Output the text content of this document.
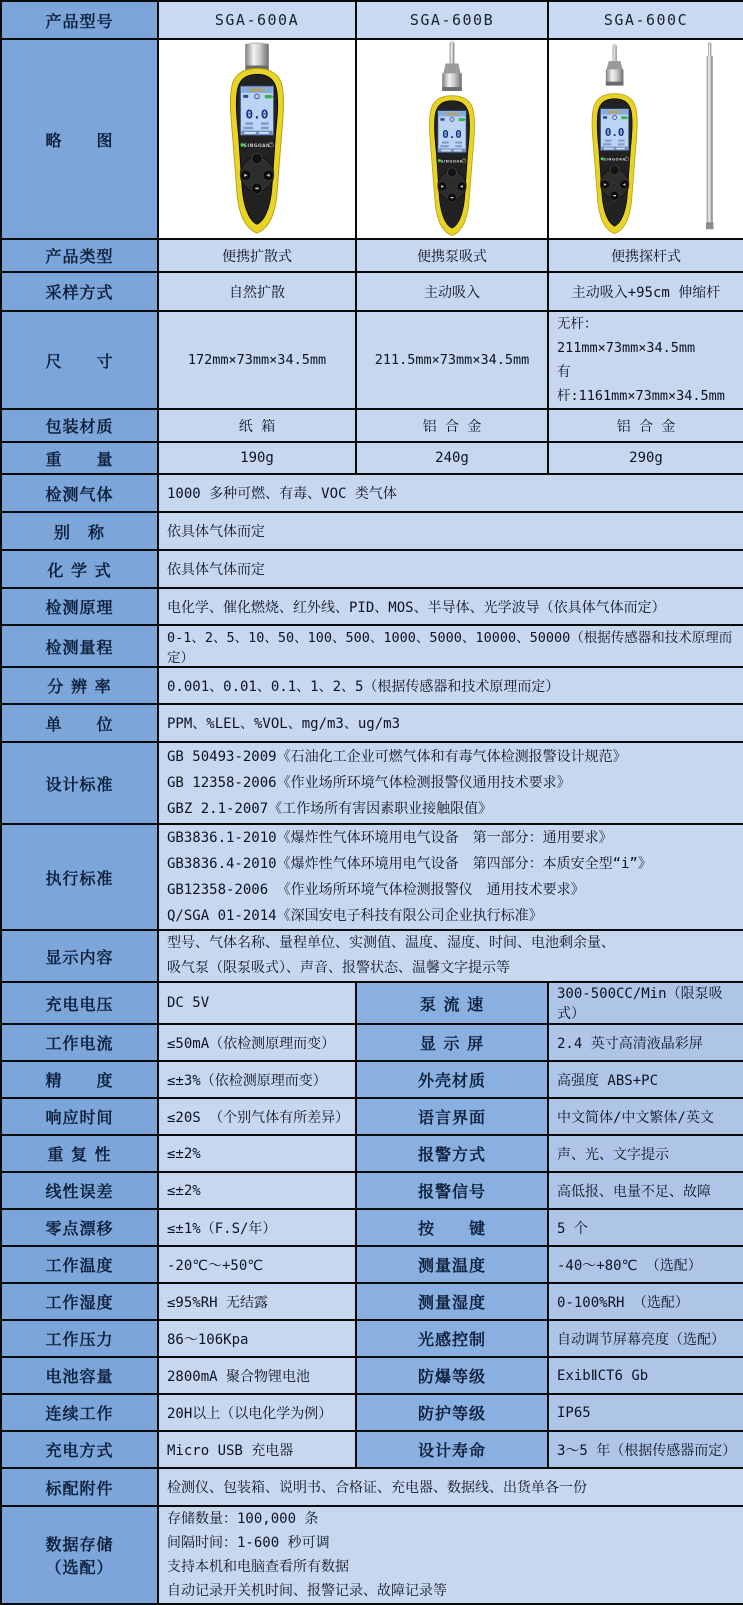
产品型号	SGA-600A	SGA-600B	SGA-600C
略　　图	

产品类型	便携扩散式	便携泵吸式	便携探杆式
采样方式	自然扩散	主动吸入	主动吸入+95cm 伸缩杆
尺　　寸	172mm×73mm×34.5mm	211.5mm×73mm×34.5mm	无杆：211mm×73mm×34.5mm
有杆:1161mm×73mm×34.5mm

包装材质	纸 箱	铝 合 金	铝 合 金
重　　量	190g	240g	290g
检测气体	1000 多种可燃、有毒、VOC 类气体		
别　称	依具体气体而定		
化 学 式	依具体气体而定		
检测原理	电化学、催化燃烧、红外线、PID、MOS、半导体、光学波导（依具体气体而定）		
检测量程	0-1、2、5、10、50、100、500、1000、5000、10000、50000（根据传感器和技术原理而定）		
分 辨 率	0.001、0.01、0.1、1、2、5（根据传感器和技术原理而定）		
单　　位	PPM、%LEL、%VOL、mg/m3、ug/m3		
设计标准	GB 50493-2009《石油化工企业可燃气体和有毒气体检测报警设计规范》
GB 12358-2006《作业场所环境气体检测报警仪通用技术要求》
GBZ 2.1-2007《工作场所有害因素职业接触限值》		

执行标准	GB3836.1-2010《爆炸性气体环境用电气设备　第一部分：通用要求》
GB3836.4-2010《爆炸性气体环境用电气设备　第四部分：本质安全型“i”》
GB12358-2006 《作业场所环境气体检测报警仪　通用技术要求》
Q/SGA 01-2014《深国安电子科技有限公司企业执行标准》		

显示内容	型号、气体名称、量程单位、实测值、温度、湿度、时间、电池剩余量、
吸气泵（限泵吸式）、声音、报警状态、温馨文字提示等		

充电电压	DC 5V	泵 流 速	300-500CC/Min（限泵吸式）
工作电流	≤50mA（依检测原理而变）	显 示 屏	2.4 英寸高清液晶彩屏
精　　度	≤±3%（依检测原理而变）	外壳材质	高强度 ABS+PC
响应时间	≤20S （个别气体有所差异）	语言界面	中文简体/中文繁体/英文
重 复 性	≤±2%	报警方式	声、光、文字提示
线性误差	≤±2%	报警信号	高低报、电量不足、故障
零点漂移	≤±1%（F.S/年）	按　　键	5 个
工作温度	-20℃～+50℃	测量温度	-40～+80℃ （选配）
工作湿度	≤95%RH 无结露	测量湿度	0-100%RH （选配）
工作压力	86～106Kpa	光感控制	自动调节屏幕亮度（选配）
电池容量	2800mA 聚合物锂电池	防爆等级	ExibⅡCT6 Gb
连续工作	20H以上（以电化学为例）	防护等级	IP65
充电方式	Micro USB 充电器	设计寿命	3～5 年（根据传感器而定）
标配附件	检测仪、包装箱、说明书、合格证、充电器、数据线、出货单各一份		

数据存储
（选配）

存储数量：100,000 条
间隔时间：1-600 秒可调
支持本机和电脑查看所有数据
自动记录开关机时间、报警记录、故障记录等
